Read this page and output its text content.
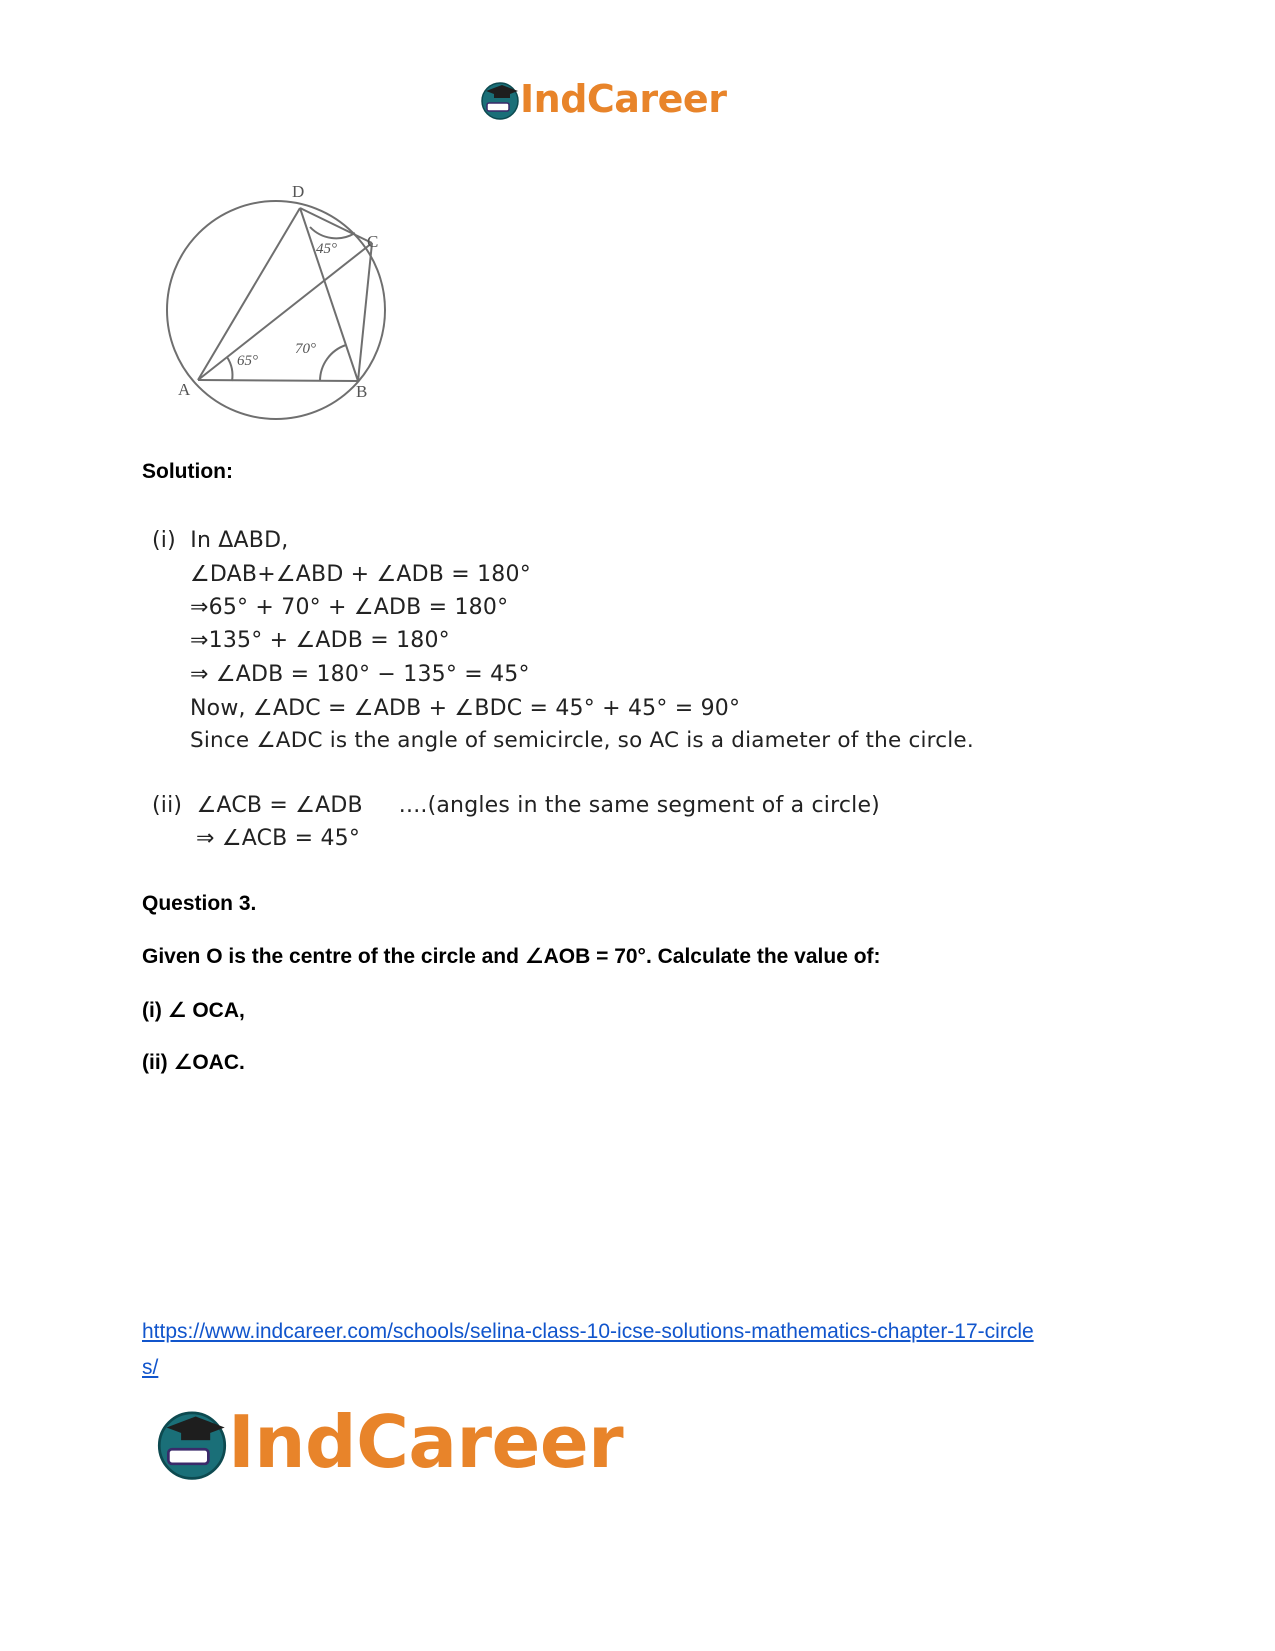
IndCareer
D
C
A	B
45°
65°
70°
Solution:
(i)  In ΔABD,
∠DAB+∠ABD + ∠ADB = 180°
⇒65° + 70° + ∠ADB = 180°
⇒135° + ∠ADB = 180°
⇒ ∠ADB = 180° − 135° = 45°
Now, ∠ADC = ∠ADB + ∠BDC = 45° + 45° = 90°
Since ∠ADC is the angle of semicircle, so AC is a diameter of the circle.
(ii)  ∠ACB = ∠ADB     ....(angles in the same segment of a circle)
⇒ ∠ACB = 45°
Question 3.
Given O is the centre of the circle and ∠AOB = 70°. Calculate the value of:
(i) ∠ OCA,
(ii) ∠OAC.
https://www.indcareer.com/schools/selina-class-10-icse-solutions-mathematics-chapter-17-circle
s/
IndCareer
